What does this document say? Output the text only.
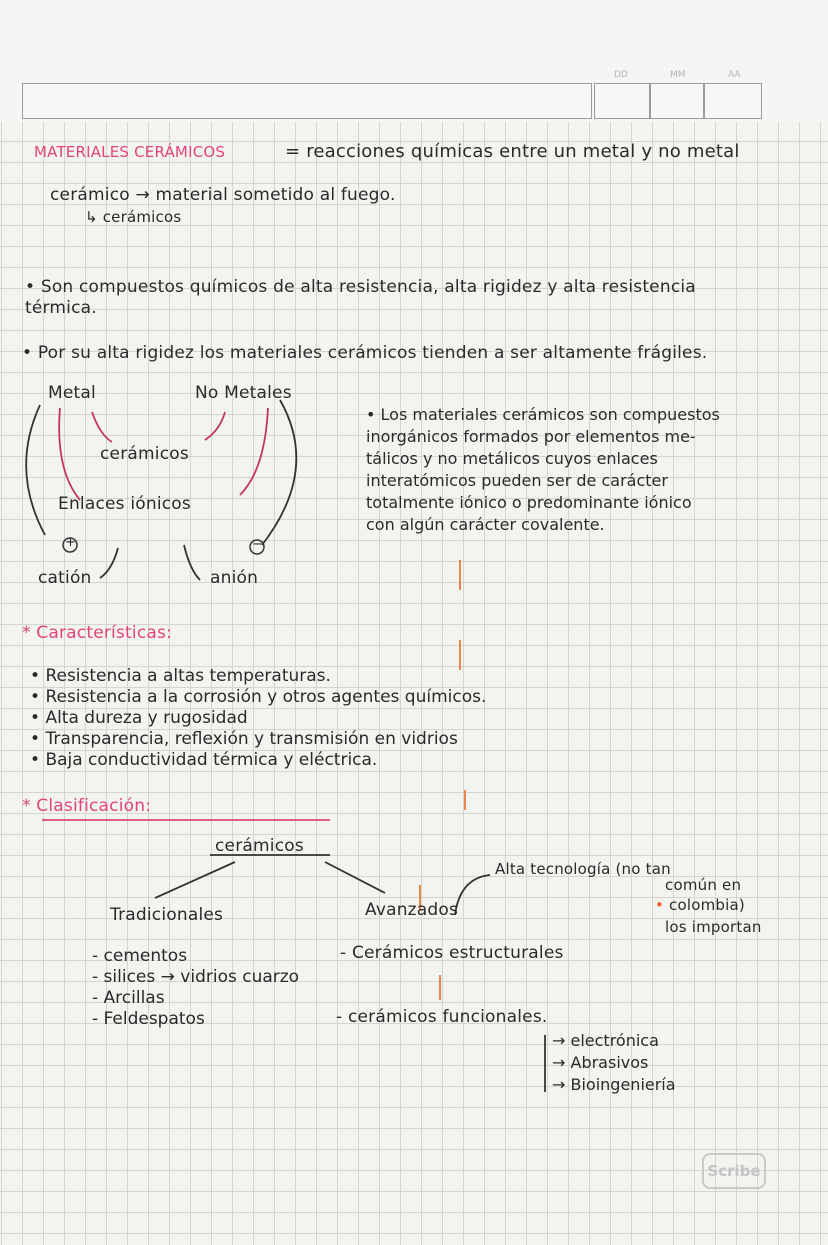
DD	MM	AA
MATERIALES CERÁMICOS	= reacciones químicas entre un metal y no metal
cerámico → material sometido al fuego.
↳ cerámicos
• Son compuestos químicos de alta resistencia, alta rigidez y alta resistencia
térmica.
• Por su alta rigidez los materiales cerámicos tienden a ser altamente frágiles.
Metal	No Metales
cerámicos
Enlaces iónicos
+	−
catión	anión
• Los materiales cerámicos son compuestos
inorgánicos formados por elementos me-
tálicos y no metálicos cuyos enlaces
interatómicos pueden ser de carácter
totalmente iónico o predominante iónico
con algún carácter covalente.
* Características:
• Resistencia a altas temperaturas.
• Resistencia a la corrosión y otros agentes químicos.
• Alta dureza y rugosidad
• Transparencia, reflexión y transmisión en vidrios
• Baja conductividad térmica y eléctrica.
* Clasificación:
cerámicos
Tradicionales	Avanzados
Alta tecnología (no tan
común en
• colombia)
los importan
- cementos
- silices → vidrios cuarzo
- Arcillas
- Feldespatos
- Cerámicos estructurales
- cerámicos funcionales.
→ electrónica
→ Abrasivos
→ Bioingeniería
Scribe
